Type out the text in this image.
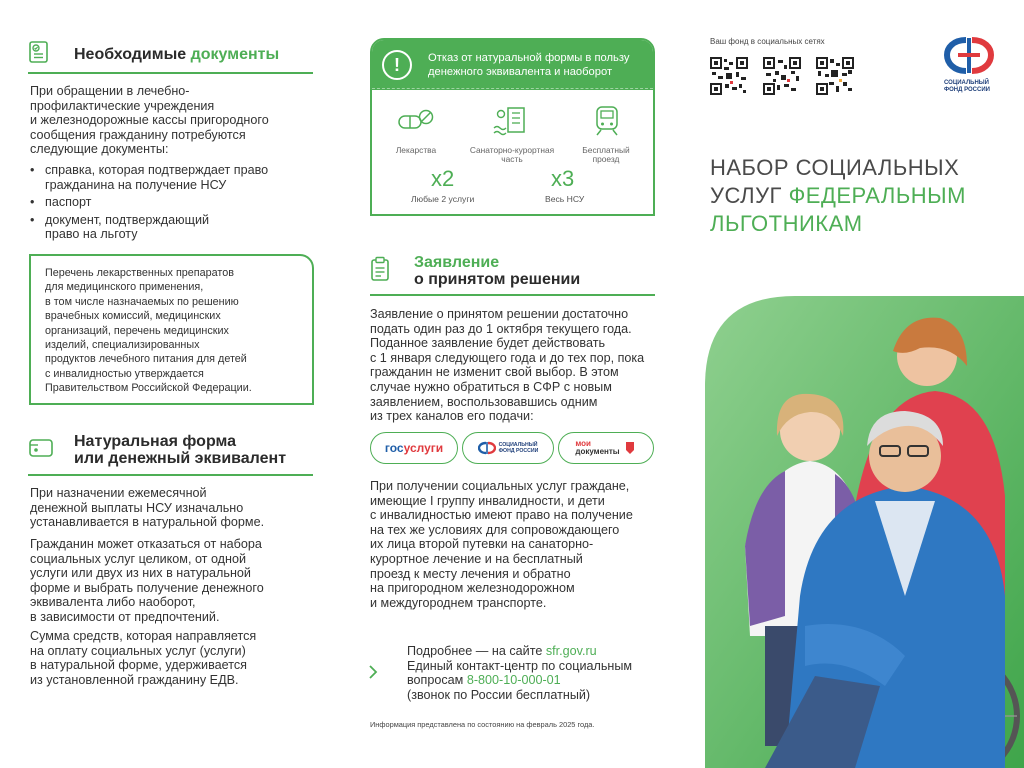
Необходимые документы
При обращении в лечебно-
профилактические учреждения
и железнодорожные кассы пригородного
сообщения гражданину потребуются
следующие документы:
• справка, которая подтверждает право
гражданина на получение НСУ
• паспорт
• документ, подтверждающий
право на льготу
Перечень лекарственных препаратов
для медицинского применения,
в том числе назначаемых по решению
врачебных комиссий, медицинских
организаций, перечень медицинских
изделий, специализированных
продуктов лечебного питания для детей
с инвалидностью утверждается
Правительством Российской Федерации.
Натуральная форма
или денежный эквивалент
При назначении ежемесячной
денежной выплаты НСУ изначально
устанавливается в натуральной форме.
Гражданин может отказаться от набора
социальных услуг целиком, от одной
услуги или двух из них в натуральной
форме и выбрать получение денежного
эквивалента либо наоборот,
в зависимости от предпочтений.
Сумма средств, которая направляется
на оплату социальных услуг (услуги)
в натуральной форме, удерживается
из установленной гражданину ЕДВ.
!	Отказ от натуральной формы в пользу
денежного эквивалента и наоборот
Лекарства	Санаторно-курортная
часть
Бесплатный
проезд
x2
Любые 2 услуги
x3
Весь НСУ
Заявление
о принятом решении
Заявление о принятом решении достаточно
подать один раз до 1 октября текущего года.
Поданное заявление будет действовать
с 1 января следующего года и до тех пор, пока
гражданин не изменит свой выбор. В этом
случае нужно обратиться в СФР с новым
заявлением, воспользовавшись одним
из трех каналов его подачи:
гос услуги	СОЦИАЛЬНЫЙ
ФОНД РОССИИ
мои
документы
При получении социальных услуг граждане,
имеющие I группу инвалидности, и дети
с инвалидностью имеют право на получение
на тех же условиях для сопровождающего
их лица второй путевки на санаторно-
курортное лечение и на бесплатный
проезд к месту лечения и обратно
на пригородном железнодорожном
и междугороднем транспорте.
Подробнее — на сайте sfr.gov.ru
Единый контакт-центр по социальным
вопросам 8-800-10-000-01
(звонок по России бесплатный)
Информация представлена по состоянию на февраль 2025 года.
Ваш фонд в социальных сетях
СОЦИАЛЬНЫЙ
ФОНД РОССИИ
НАБОР СОЦИАЛЬНЫХ
УСЛУГ ФЕДЕРАЛЬНЫМ
ЛЬГОТНИКАМ
